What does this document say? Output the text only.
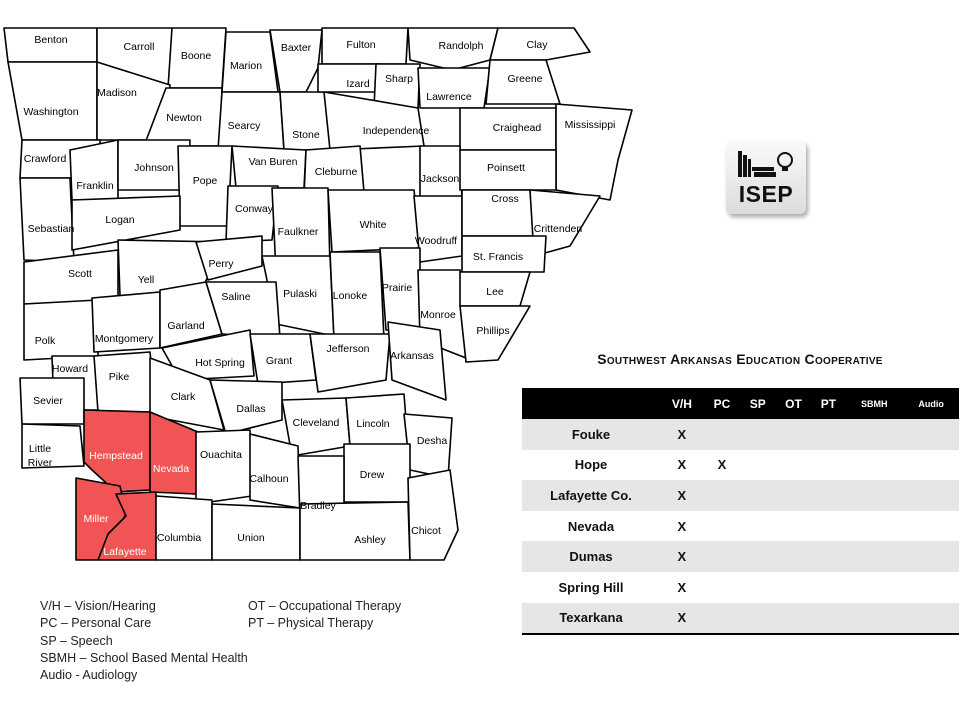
Benton
Carroll
Boone
Marion
Baxter	Fulton	Randolph	Clay
Washington
Madison
Newton
Searcy
Stone
Izard Sharp
Lawrence
Greene
Independence	Craighead Mississippi
Crawford
Franklin
Johnson
Pope
Van Buren
Cleburne
Jackson
Poinsett
Sebastian
Logan
Conway
Faulkner
White
Woodruff
Cross
Crittenden
St. Francis
Scott	Yell
Perry
Pulaski Lonoke
Prairie
Monroe
Lee
Phillips
Polk	Montgomery
Garland
Saline
Hot Spring Grant
Jefferson
Arkansas
Howard
Pike
Clark
Dallas
Cleveland Lincoln
Desha
Sevier
Little River
Hempstead
Nevada
Ouachita
Calhoun	Drew
Bradley
Miller
Lafayette
Columbia	Union	Ashley
Chicot
ISEP
Southwest Arkansas Education Cooperative
	V/H	PC	SP	OT	PT	SBMH	Audio
Fouke	X						
Hope	X	X					
Lafayette Co.	X						
Nevada	X						
Dumas	X						
Spring Hill	X						
Texarkana	X						
V/H – Vision/Hearing
PC – Personal Care
SP – Speech
SBMH – School Based Mental Health
Audio - Audiology
OT – Occupational Therapy
PT – Physical Therapy
